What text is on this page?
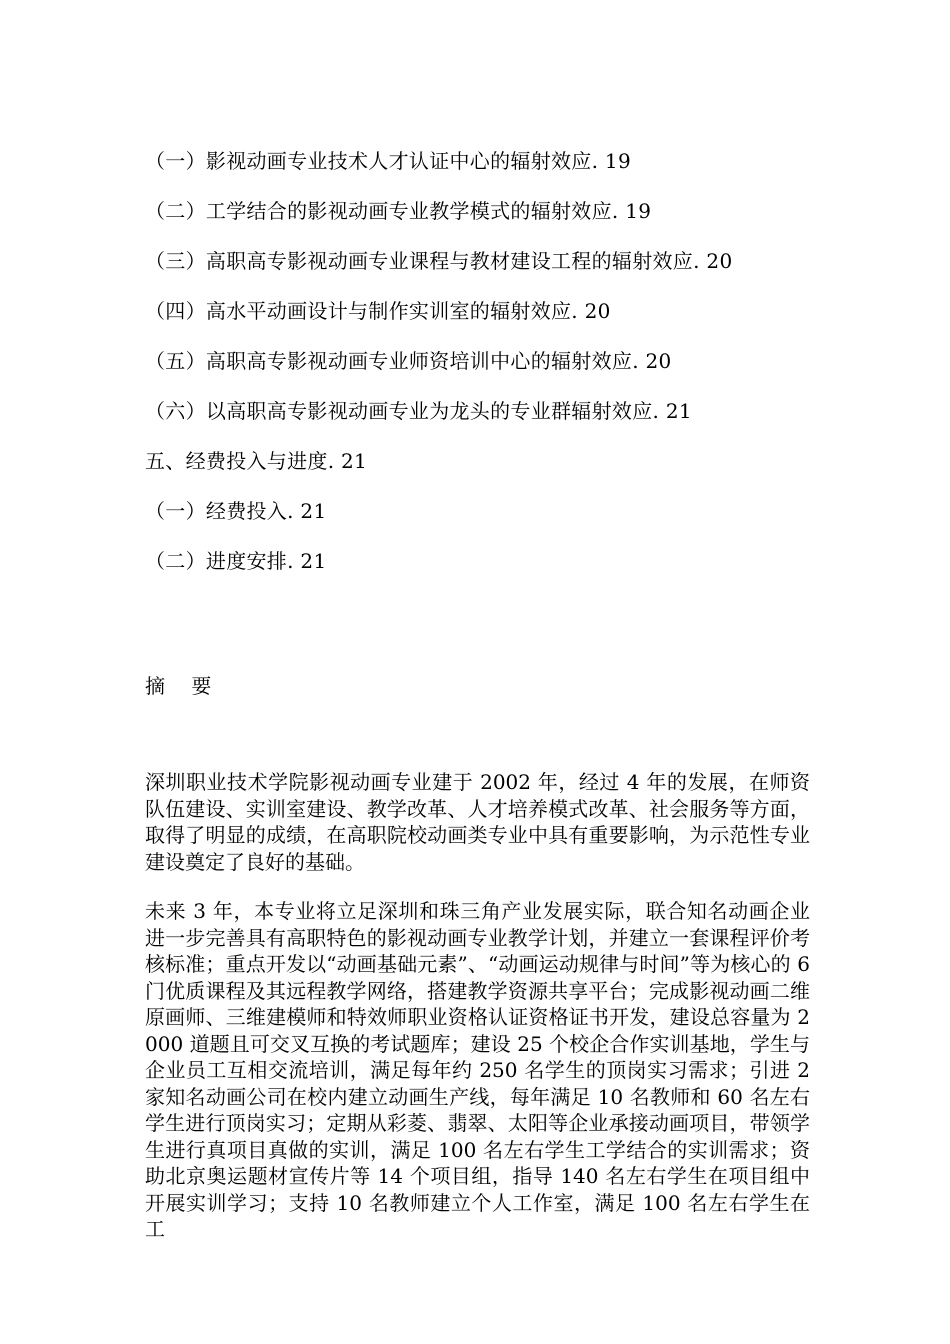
（一）影视动画专业技术人才认证中心的辐射效应. 19
（二）工学结合的影视动画专业教学模式的辐射效应. 19
（三）高职高专影视动画专业课程与教材建设工程的辐射效应. 20
（四）高水平动画设计与制作实训室的辐射效应. 20
（五）高职高专影视动画专业师资培训中心的辐射效应. 20
（六）以高职高专影视动画专业为龙头的专业群辐射效应. 21
五、经费投入与进度. 21
（一）经费投入. 21
（二）进度安排. 21
摘 要

深圳职业技术学院影视动画专业建于 2002 年，经过 4 年的发展，在师资队伍建设、实训室建设、教学改革、人才培养模式改革、社会服务等方面，取得了明显的成绩，在高职院校动画类专业中具有重要影响，为示范性专业建设奠定了良好的基础。

未来 3 年，本专业将立足深圳和珠三角产业发展实际，联合知名动画企业进一步完善具有高职特色的影视动画专业教学计划，并建立一套课程评价考核标准；重点开发以“动画基础元素”、“动画运动规律与时间”等为核心的 6 门优质课程及其远程教学网络，搭建教学资源共享平台；完成影视动画二维原画师、三维建模师和特效师职业资格认证资格证书开发，建设总容量为 2000 道题且可交叉互换的考试题库；建设 25 个校企合作实训基地，学生与企业员工互相交流培训，满足每年约 250 名学生的顶岗实习需求；引进 2 家知名动画公司在校内建立动画生产线，每年满足 10 名教师和 60 名左右学生进行顶岗实习；定期从彩菱、翡翠、太阳等企业承接动画项目，带领学生进行真项目真做的实训，满足 100 名左右学生工学结合的实训需求；资助北京奥运题材宣传片等 14 个项目组，指导 140 名左右学生在项目组中开展实训学习；支持 10 名教师建立个人工作室，满足 100 名左右学生在工
